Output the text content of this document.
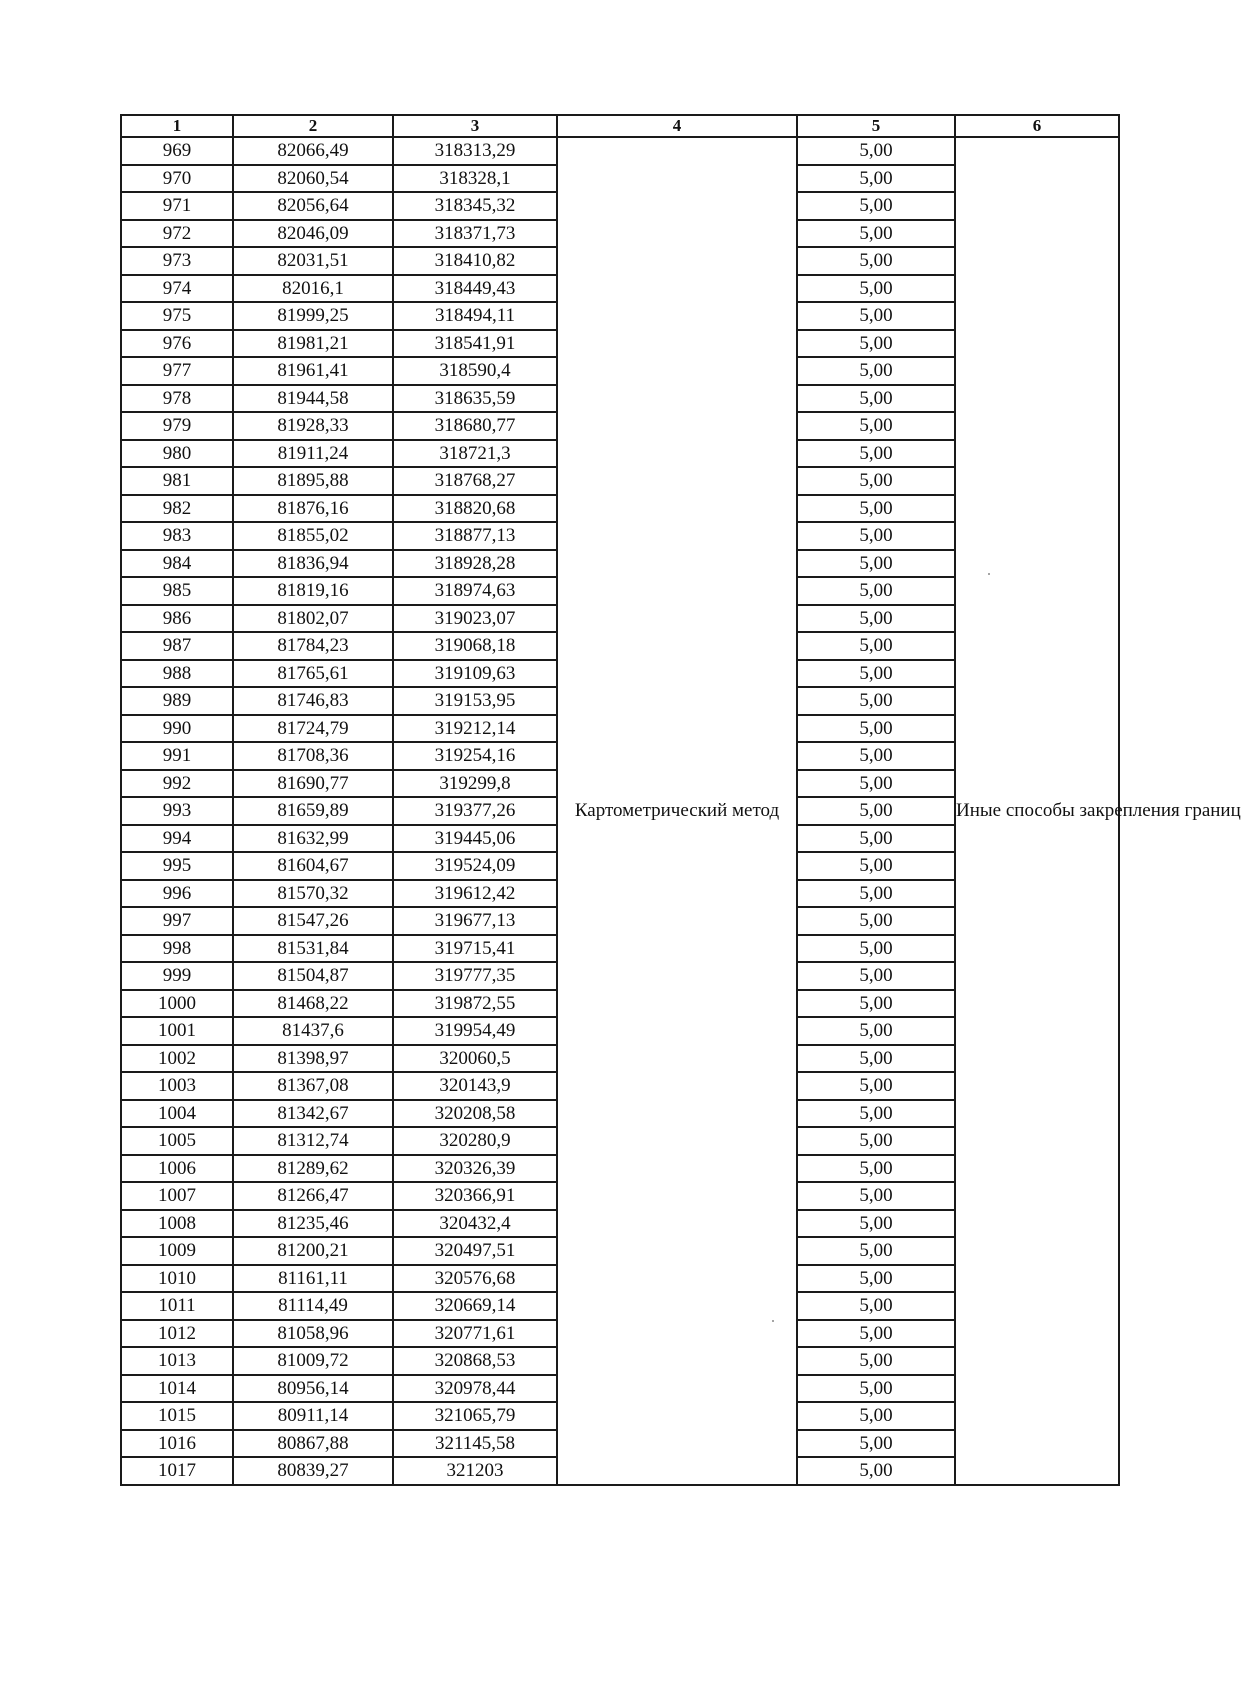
1	2	3	4	5	6
969	82066,49	318313,29	Картометрический метод	5,00	Иные способы закрепления границ
970	82060,54	318328,1		5,00	
971	82056,64	318345,32		5,00	
972	82046,09	318371,73		5,00	
973	82031,51	318410,82		5,00	
974	82016,1	318449,43		5,00	
975	81999,25	318494,11		5,00	
976	81981,21	318541,91		5,00	
977	81961,41	318590,4		5,00	
978	81944,58	318635,59		5,00	
979	81928,33	318680,77		5,00	
980	81911,24	318721,3		5,00	
981	81895,88	318768,27		5,00	
982	81876,16	318820,68		5,00	
983	81855,02	318877,13		5,00	
984	81836,94	318928,28		5,00	
985	81819,16	318974,63		5,00	
986	81802,07	319023,07		5,00	
987	81784,23	319068,18		5,00	
988	81765,61	319109,63		5,00	
989	81746,83	319153,95		5,00	
990	81724,79	319212,14		5,00	
991	81708,36	319254,16		5,00	
992	81690,77	319299,8		5,00	
993	81659,89	319377,26		5,00	
994	81632,99	319445,06		5,00	
995	81604,67	319524,09		5,00	
996	81570,32	319612,42		5,00	
997	81547,26	319677,13		5,00	
998	81531,84	319715,41		5,00	
999	81504,87	319777,35		5,00	
1000	81468,22	319872,55		5,00	
1001	81437,6	319954,49		5,00	
1002	81398,97	320060,5		5,00	
1003	81367,08	320143,9		5,00	
1004	81342,67	320208,58		5,00	
1005	81312,74	320280,9		5,00	
1006	81289,62	320326,39		5,00	
1007	81266,47	320366,91		5,00	
1008	81235,46	320432,4		5,00	
1009	81200,21	320497,51		5,00	
1010	81161,11	320576,68		5,00	
1011	81114,49	320669,14		5,00	
1012	81058,96	320771,61		5,00	
1013	81009,72	320868,53		5,00	
1014	80956,14	320978,44		5,00	
1015	80911,14	321065,79		5,00	
1016	80867,88	321145,58		5,00	
1017	80839,27	321203		5,00	
